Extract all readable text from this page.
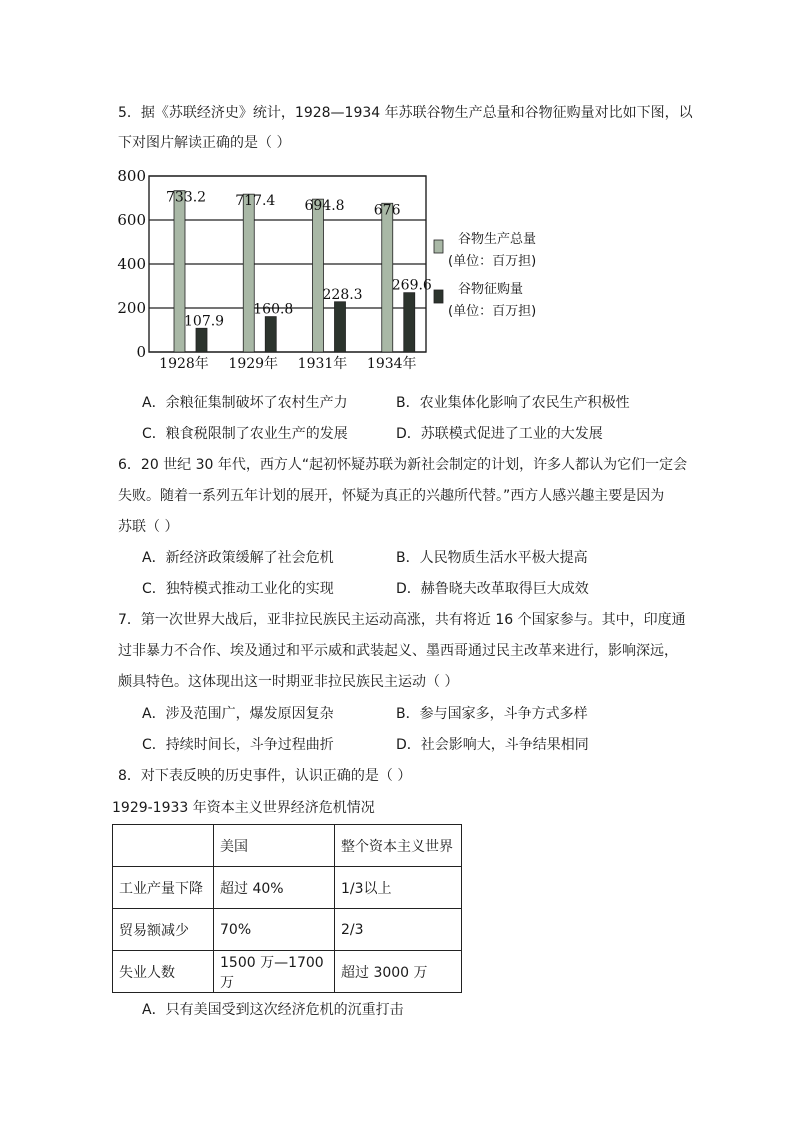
5．据《苏联经济史》统计，1928—1934 年苏联谷物生产总量和谷物征购量对比如下图，以
下对图片解读正确的是（ ）
733.2
107.9
717.4
160.8
694.8
228.3
676
269.6
0
200
400
600
800
1928年 1929年 1931年 1934年
谷物生产总量
(单位：百万担)
谷物征购量
(单位：百万担)
A．余粮征集制破坏了农村生产力	B．农业集体化影响了农民生产积极性
C．粮食税限制了农业生产的发展	D．苏联模式促进了工业的大发展
6．20 世纪 30 年代，西方人“起初怀疑苏联为新社会制定的计划，许多人都认为它们一定会
失败。随着一系列五年计划的展开，怀疑为真正的兴趣所代替。”西方人感兴趣主要是因为
苏联（ ）
A．新经济政策缓解了社会危机	B．人民物质生活水平极大提高
C．独特模式推动工业化的实现	D．赫鲁晓夫改革取得巨大成效
7．第一次世界大战后，亚非拉民族民主运动高涨，共有将近 16 个国家参与。其中，印度通
过非暴力不合作、埃及通过和平示威和武装起义、墨西哥通过民主改革来进行，影响深远，
颇具特色。这体现出这一时期亚非拉民族民主运动（ ）
A．涉及范围广，爆发原因复杂	B．参与国家多，斗争方式多样
C．持续时间长，斗争过程曲折	D．社会影响大，斗争结果相同
8．对下表反映的历史事件，认识正确的是（ ）
1929-1933 年资本主义世界经济危机情况
	美国	整个资本主义世界
工业产量下降	超过 40%	1/3以上
贸易额减少	70%	2/3
失业人数	1500 万—1700 万	超过 3000 万
A．只有美国受到这次经济危机的沉重打击
